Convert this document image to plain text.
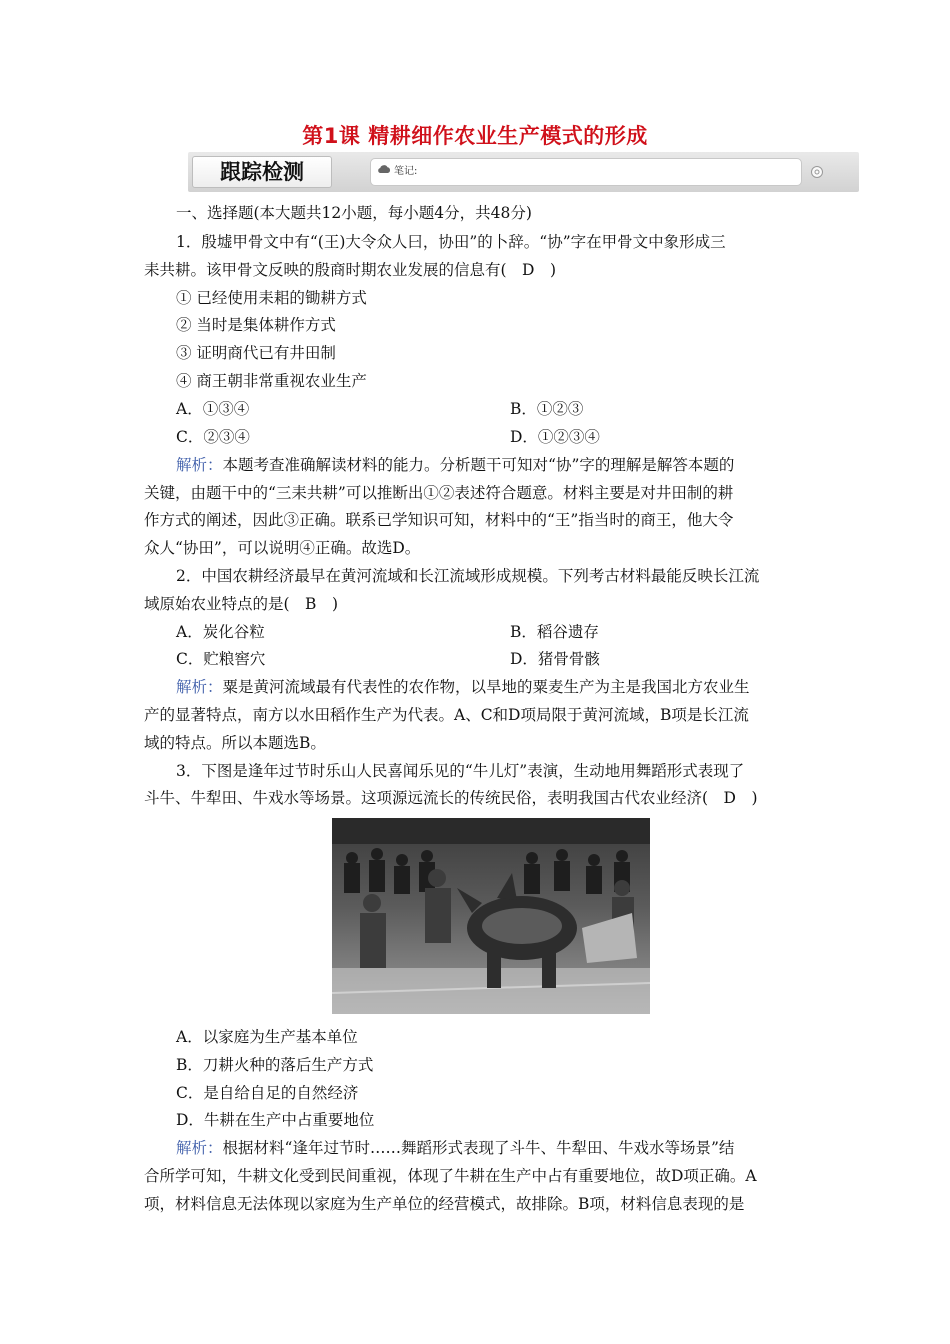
第1课 精耕细作农业生产模式的形成
跟踪检测	笔记:
一、选择题(本大题共12小题，每小题4分，共48分)
1．殷墟甲骨文中有“(王)大令众人曰，协田”的卜辞。“协”字在甲骨文中象形成三
耒共耕。该甲骨文反映的殷商时期农业发展的信息有(　D　)
① 已经使用耒耜的锄耕方式
② 当时是集体耕作方式
③ 证明商代已有井田制
④ 商王朝非常重视农业生产
A．①③④	B．①②③
C．②③④	D．①②③④
解析：本题考查准确解读材料的能力。分析题干可知对“协”字的理解是解答本题的
关键，由题干中的“三耒共耕”可以推断出①②表述符合题意。材料主要是对井田制的耕
作方式的阐述，因此③正确。联系已学知识可知，材料中的“王”指当时的商王，他大令
众人“协田”，可以说明④正确。故选D。
2．中国农耕经济最早在黄河流域和长江流域形成规模。下列考古材料最能反映长江流
域原始农业特点的是(　B　)
A．炭化谷粒	B．稻谷遗存
C．贮粮窖穴	D．猪骨骨骸
解析：粟是黄河流域最有代表性的农作物，以旱地的粟麦生产为主是我国北方农业生
产的显著特点，南方以水田稻作生产为代表。A、C和D项局限于黄河流域，B项是长江流
域的特点。所以本题选B。
3．下图是逢年过节时乐山人民喜闻乐见的“牛儿灯”表演，生动地用舞蹈形式表现了
斗牛、牛犁田、牛戏水等场景。这项源远流长的传统民俗，表明我国古代农业经济(　D　)
A．以家庭为生产基本单位
B．刀耕火种的落后生产方式
C．是自给自足的自然经济
D．牛耕在生产中占重要地位
解析：根据材料“逢年过节时……舞蹈形式表现了斗牛、牛犁田、牛戏水等场景”结
合所学可知，牛耕文化受到民间重视，体现了牛耕在生产中占有重要地位，故D项正确。A
项，材料信息无法体现以家庭为生产单位的经营模式，故排除。B项，材料信息表现的是
